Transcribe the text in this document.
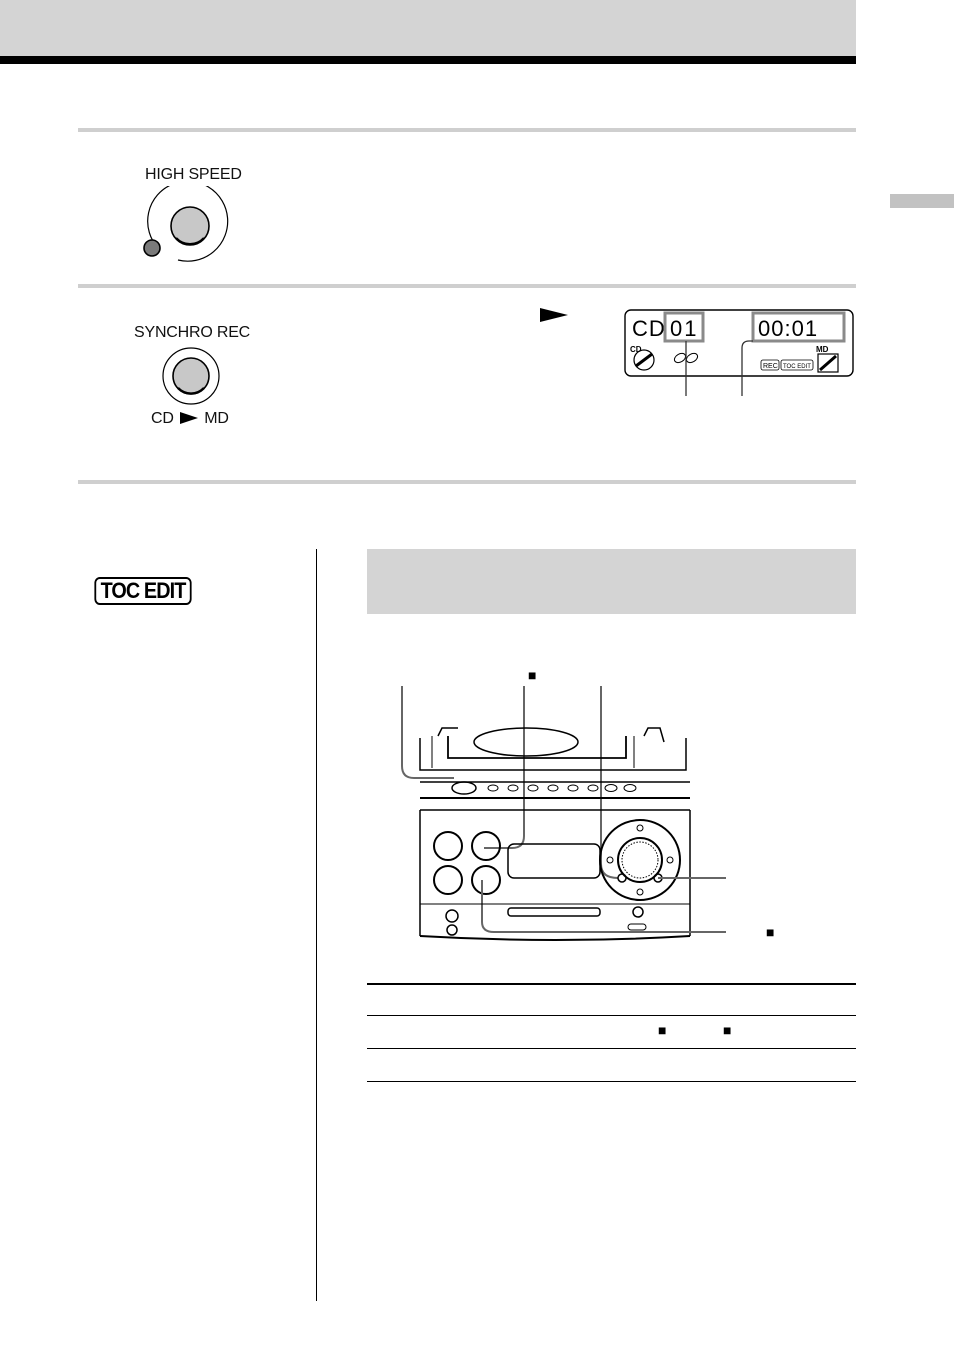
HIGH SPEED
SYNCHRO REC
CD MD
CD 01	00:01
CD	MD
REC TOC EDIT
TOC EDIT
■
■
■	■
